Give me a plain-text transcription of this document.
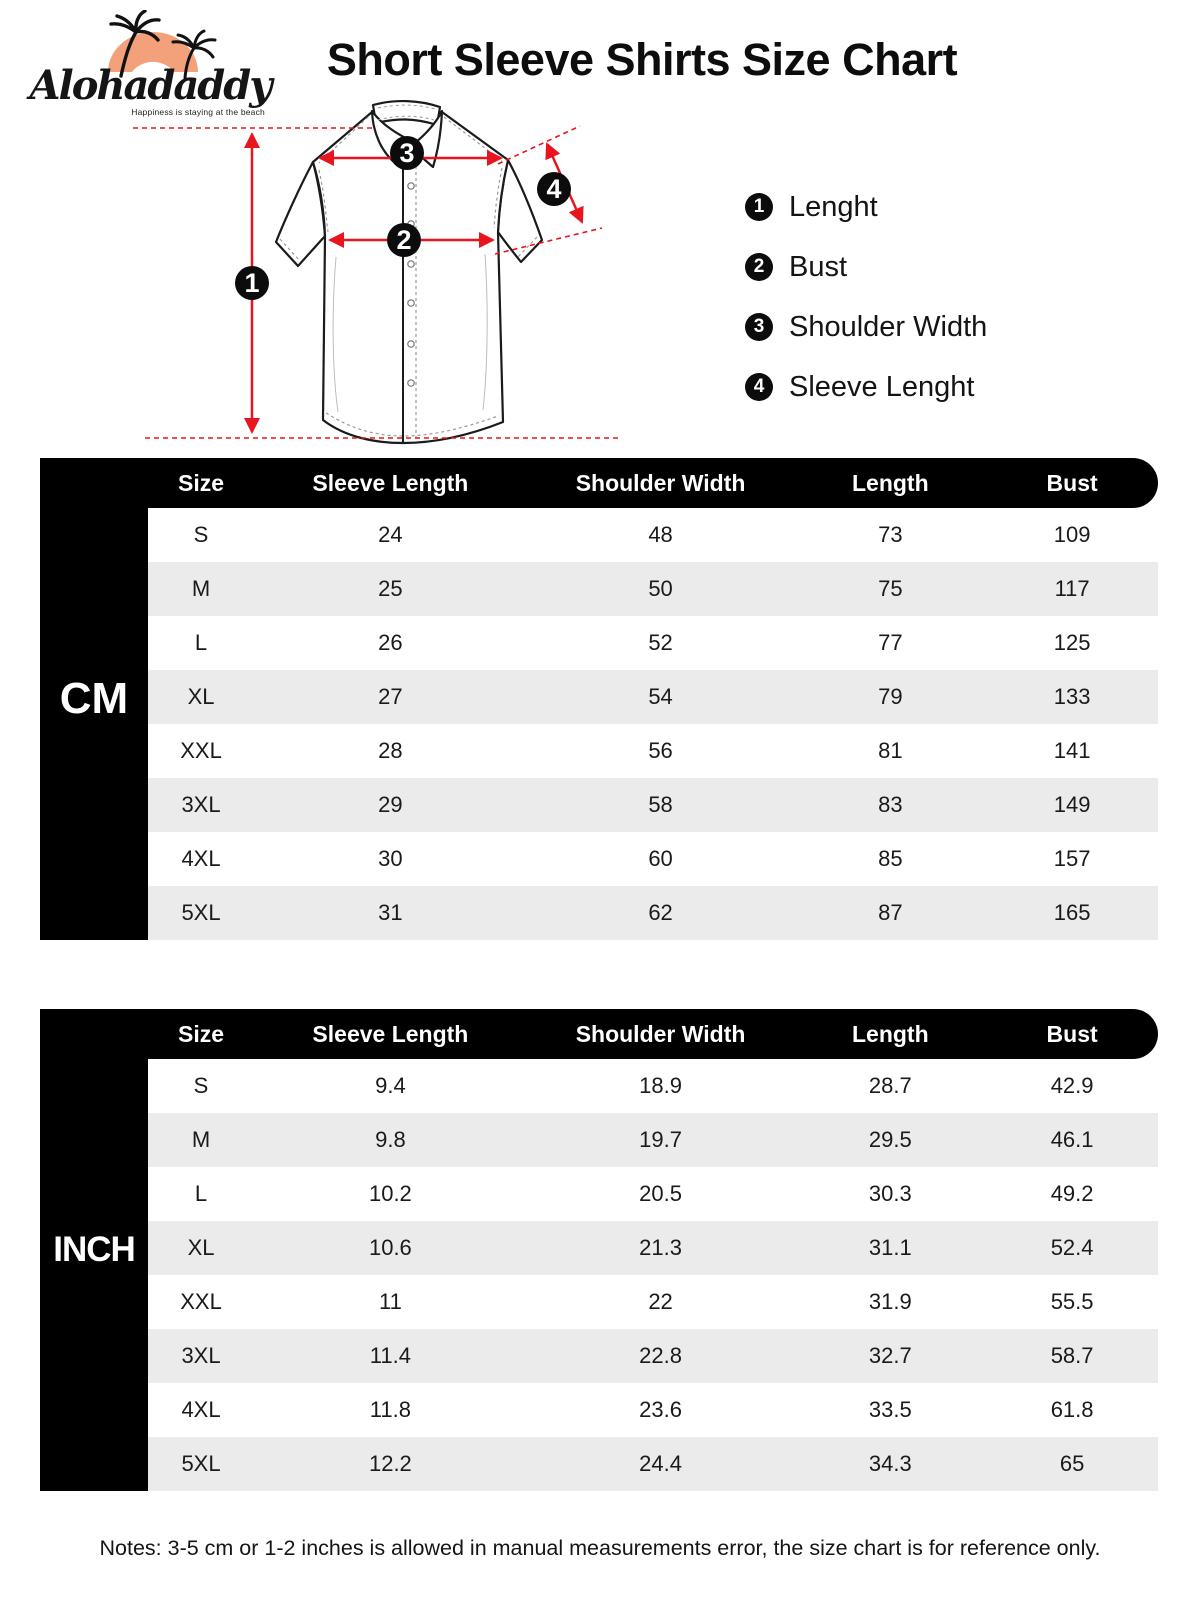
Alohadaddy
Happiness is staying at the beach
Short Sleeve Shirts Size Chart
1
2
3
4
1 Lenght
2 Bust
3 Shoulder Width
4 Sleeve Lenght
Size	Sleeve Length	Shoulder Width	Length	Bust
S	24	48	73	109
M	25	50	75	117
L	26	52	77	125
XL	27	54	79	133
XXL	28	56	81	141
3XL	29	58	83	149
4XL	30	60	85	157
5XL	31	62	87	165
CM
Size	Sleeve Length	Shoulder Width	Length	Bust
S	9.4	18.9	28.7	42.9
M	9.8	19.7	29.5	46.1
L	10.2	20.5	30.3	49.2
XL	10.6	21.3	31.1	52.4
XXL	11	22	31.9	55.5
3XL	11.4	22.8	32.7	58.7
4XL	11.8	23.6	33.5	61.8
5XL	12.2	24.4	34.3	65
INCH
Notes: 3-5 cm or 1-2 inches is allowed in manual measurements error, the size chart is for reference only.
